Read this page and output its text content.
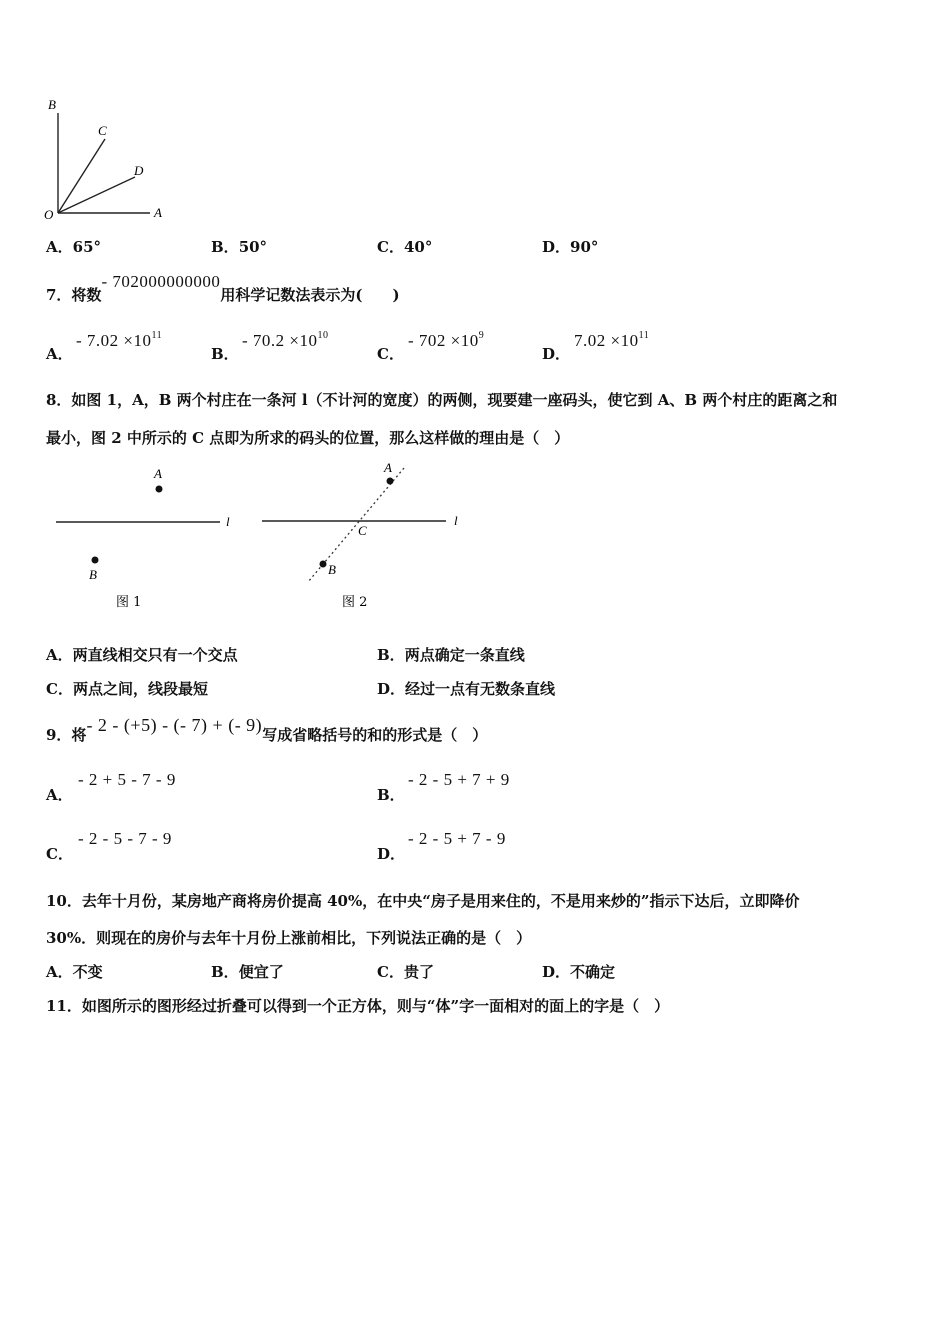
B
C
D
O	A
A．65°	B．50°	C．40°	D．90°
7．将数- 702000000000用科学记数法表示为(　　)
A．
- $7.02 \times 10^{11}$
B．
- $70.2 \times 10^{10}$
C．
- $702 \times 10^9$
D．
$7.02 \times 10^{11}$
8．如图 1，A，B 两个村庄在一条河 l（不计河的宽度）的两侧，现要建一座码头，使它到 A、B 两个村庄的距离之和
最小，图 2 中所示的 C 点即为所求的码头的位置，那么这样做的理由是（　）
l
A
B
图 1
l
A
C
B
图 2
A．两直线相交只有一个交点	B．两点确定一条直线
C．两点之间，线段最短	D．经过一点有无数条直线
9．将- 2 - (+5) - (- 7) + (- 9)写成省略括号的和的形式是（　）
A．
- 2 + 5 - 7 - 9
B．
- 2 - 5 + 7 + 9
C．
- 2 - 5 - 7 - 9
D．
- 2 - 5 + 7 - 9
10．去年十月份，某房地产商将房价提高 40%，在中央“房子是用来住的，不是用来炒的”指示下达后，立即降价
30%．则现在的房价与去年十月份上涨前相比，下列说法正确的是（　）
A．不变	B．便宜了	C．贵了	D．不确定
11．如图所示的图形经过折叠可以得到一个正方体，则与“体”字一面相对的面上的字是（　）
